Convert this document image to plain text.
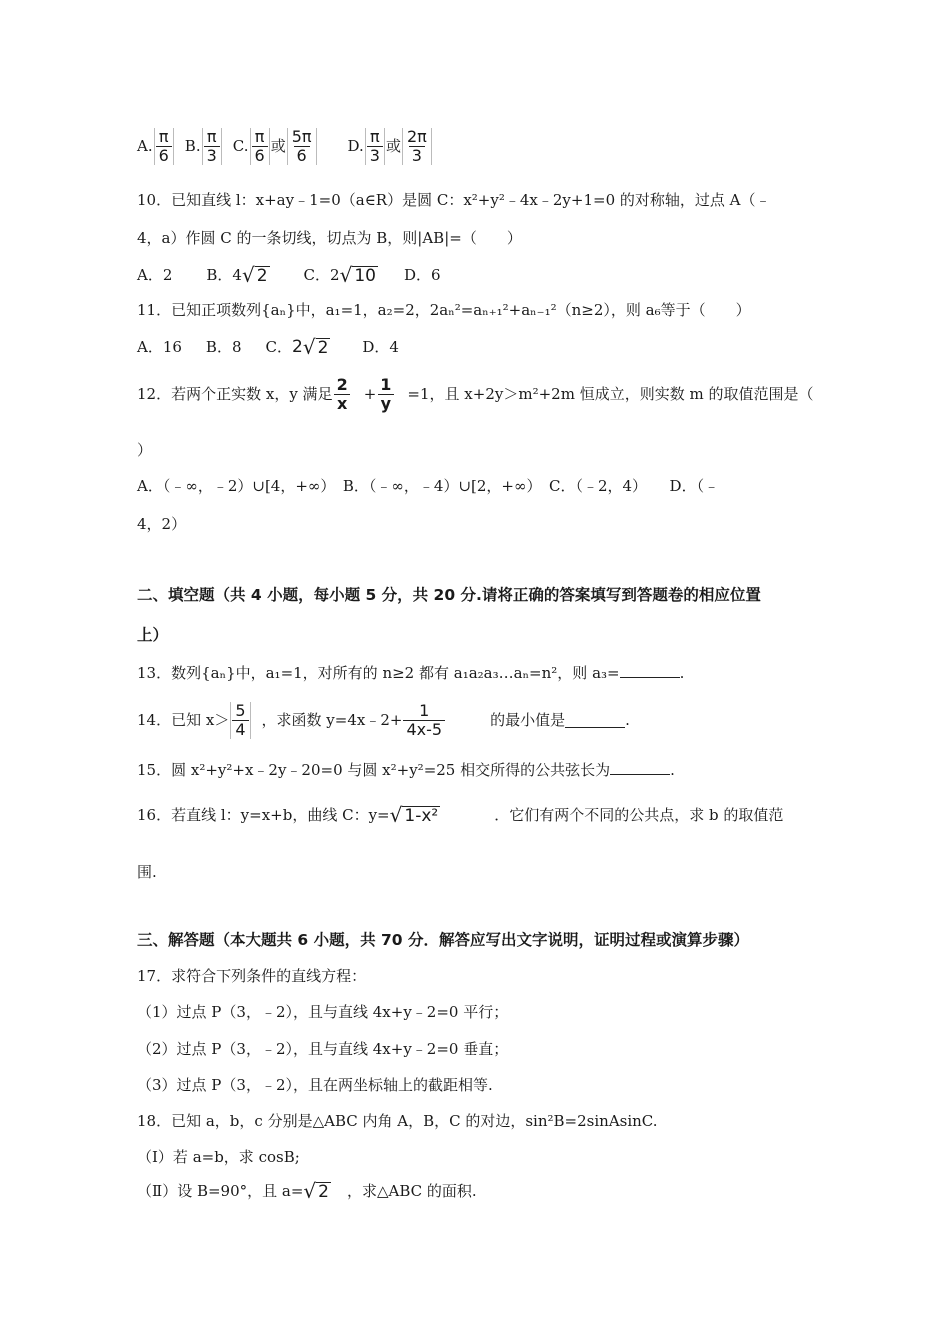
A. $\frac{\pi}{6} B$. $\frac{\pi}{3} C$. $\frac{\pi}{6}$ 或 $\frac{5\pi}{6} D$. $\frac{\pi}{3}$ 或 $\frac{2\pi}{3}$
10．已知直线 l：x+ay﹣1=0（a∈R）是圆 C：x²+y²﹣4x﹣2y+1=0 的对称轴，过点 A（﹣
4，a）作圆 C 的一条切线，切点为 B，则|AB|=（　　）
A．2 B．4 √ 2 C．2 √ 10 D．6
11．已知正项数列{aₙ}中，a₁=1，a₂=2，2aₙ²=aₙ₊₁²+aₙ₋₁²（n≥2），则 a₆等于（　　）
A．16 B．8 C． 2 √ 2 D．4
12．若两个正实数 x，y 满足 $\frac{2}{x} + \frac{1}{y} =1$，且 x+2y＞m²+2m 恒成立，则实数 m 的取值范围是（
）
A．（﹣∞，﹣2）∪[4，+∞）　B．（﹣∞，﹣4）∪[2，+∞）　C．（﹣2，4）　　D．（﹣
4，2）
二、填空题（共 4 小题，每小题 5 分，共 20 分.请将正确的答案填写到答题卷的相应位置
上）
13．数列{aₙ}中，a₁=1，对所有的 n≥2 都有 a₁a₂a₃…aₙ=n²，则 a₃=	.
14．已知 $x> \frac{5}{4}$ ，求函数 y=4x﹣2+ $\frac{1}{4x-5}$	的最小值是	.
15．圆 x²+y²+x﹣2y﹣20=0 与圆 x²+y²=25 相交所得的公共弦长为	.
16．若直线 l：y=x+b，曲线 C：y= √ 1-x²	．它们有两个不同的公共点，求 b 的取值范
围.
三、解答题（本大题共 6 小题，共 70 分．解答应写出文字说明，证明过程或演算步骤）
17．求符合下列条件的直线方程：
（1）过点 P（3，﹣2），且与直线 4x+y﹣2=0 平行；
（2）过点 P（3，﹣2），且与直线 4x+y﹣2=0 垂直；
（3）过点 P（3，﹣2），且在两坐标轴上的截距相等.
18．已知 a，b，c 分别是△ABC 内角 A，B，C 的对边，sin²B=2sinAsinC.
（Ⅰ）若 a=b，求 cosB;
（Ⅱ）设 B=90°，且 a= √ 2 ，求△ABC 的面积.
